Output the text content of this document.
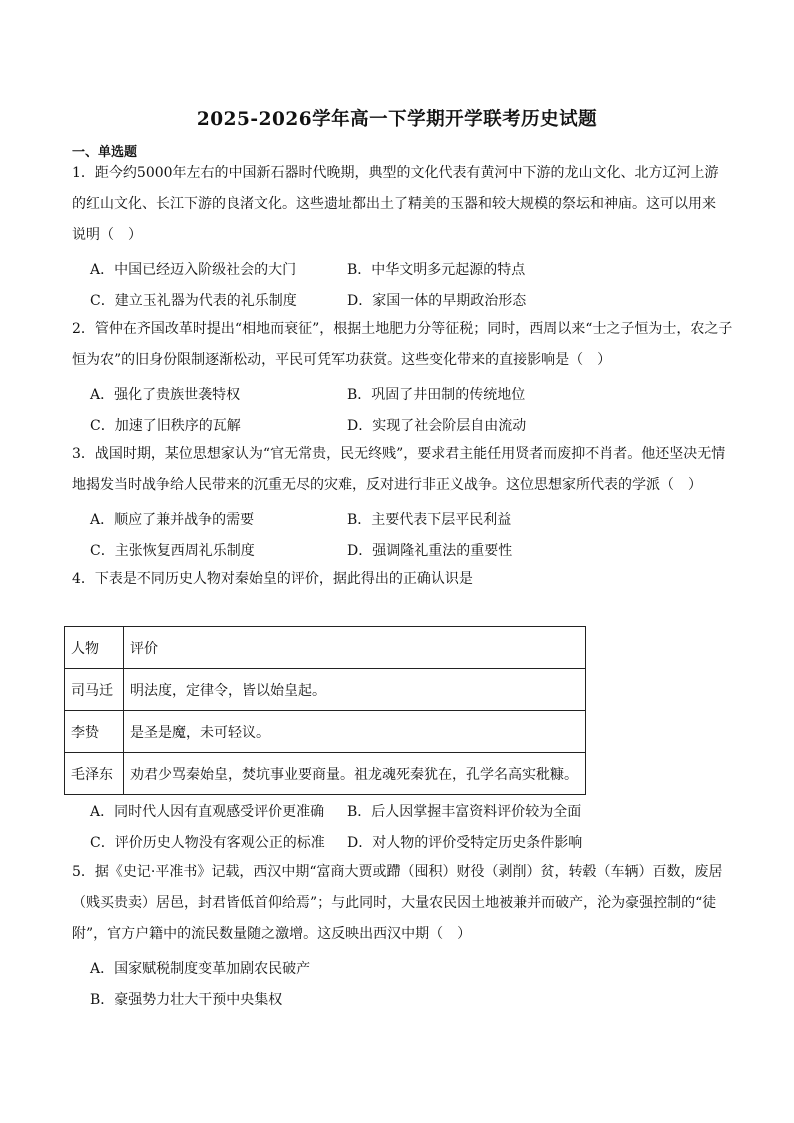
2025-2026学年高一下学期开学联考历史试题
一、单选题
1．距今约5000年左右的中国新石器时代晚期，典型的文化代表有黄河中下游的龙山文化、北方辽河上游
的红山文化、长江下游的良渚文化。这些遗址都出土了精美的玉器和较大规模的祭坛和神庙。这可以用来
说明（　）
A．中国已经迈入阶级社会的大门	B．中华文明多元起源的特点
C．建立玉礼器为代表的礼乐制度	D．家国一体的早期政治形态
2．管仲在齐国改革时提出“相地而衰征”，根据土地肥力分等征税；同时，西周以来“士之子恒为士，农之子
恒为农”的旧身份限制逐渐松动，平民可凭军功获赏。这些变化带来的直接影响是（　）
A．强化了贵族世袭特权	B．巩固了井田制的传统地位
C．加速了旧秩序的瓦解	D．实现了社会阶层自由流动
3．战国时期，某位思想家认为“官无常贵，民无终贱”，要求君主能任用贤者而废抑不肖者。他还坚决无情
地揭发当时战争给人民带来的沉重无尽的灾难，反对进行非正义战争。这位思想家所代表的学派（　）
A．顺应了兼并战争的需要	B．主要代表下层平民利益
C．主张恢复西周礼乐制度	D．强调隆礼重法的重要性
4．下表是不同历史人物对秦始皇的评价，据此得出的正确认识是
人物	评价
司马迁	明法度，定律令，皆以始皇起。
李贽	是圣是魔，未可轻议。
毛泽东	劝君少骂秦始皇，焚坑事业要商量。祖龙魂死秦犹在，孔学名高实秕糠。
A．同时代人因有直观感受评价更准确 B．后人因掌握丰富资料评价较为全面
C．评价历史人物没有客观公正的标准 D．对人物的评价受特定历史条件影响
5．据《史记·平准书》记载，西汉中期“富商大贾或蹛（囤积）财役（剥削）贫，转毂（车辆）百数，废居
（贱买贵卖）居邑，封君皆低首仰给焉”；与此同时，大量农民因土地被兼并而破产，沦为豪强控制的“徒
附”，官方户籍中的流民数量随之激增。这反映出西汉中期（　）
A．国家赋税制度变革加剧农民破产
B．豪强势力壮大干预中央集权
